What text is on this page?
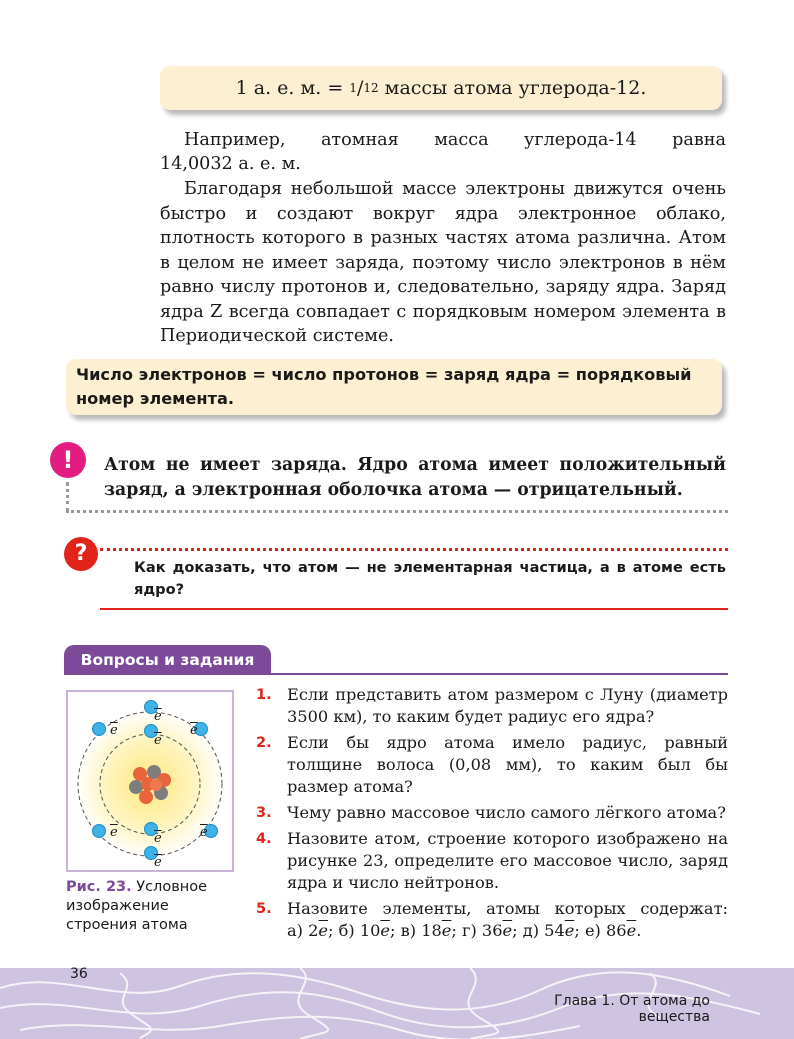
1 а. е. м. = 1 / 12 массы атома углерода-12.
Например, атомная масса углерода-14 равна
14,0032 а. е. м.
Благодаря небольшой массе электроны движутся очень быстро и создают вокруг ядра электронное облако, плотность которого в разных частях атома различна. Атом в целом не имеет заряда, поэтому число электронов в нём равно числу протонов и, следовательно, заряду ядра. Заряд ядра Z всегда совпадает с порядковым номером элемента в Периодической системе.
Число электронов = число протонов = заряд ядра = порядковый номер элемента.
!	Атом не имеет заряда. Ядро атома имеет положительный заряд, а электронная оболочка атома — отрицательный.
?
Как доказать, что атом — не элементарная частица, а в атоме есть ядро?
Вопросы и задания
$\overline{e}$
$\overline{e}$
$\overline{e}$
$\overline{e}$
$\overline{e}$	$\overline{e}$	$\overline{e}$
$\overline{e}$
Рис. 23. Условное изображение строения атома
1. Если представить атом размером с Луну (диаметр 3500 км), то каким будет радиус его ядра?
2. Если бы ядро атома имело радиус, равный толщине волоса (0,08 мм), то каким был бы размер атома?
3. Чему равно массовое число самого лёгкого атома?
4. Назовите атом, строение которого изображено на рисунке 23, определите его массовое число, заряд ядра и число нейтронов.
5. Назовите элементы, атомы которых содержат:
а) $2\overline{e}$; б) $10\overline{e}$; в) $18\overline{e}$; г) $36\overline{e}$; д) $54\overline{e}$; е) $86\overline{e}$.
36
Глава 1. От атома до вещества
